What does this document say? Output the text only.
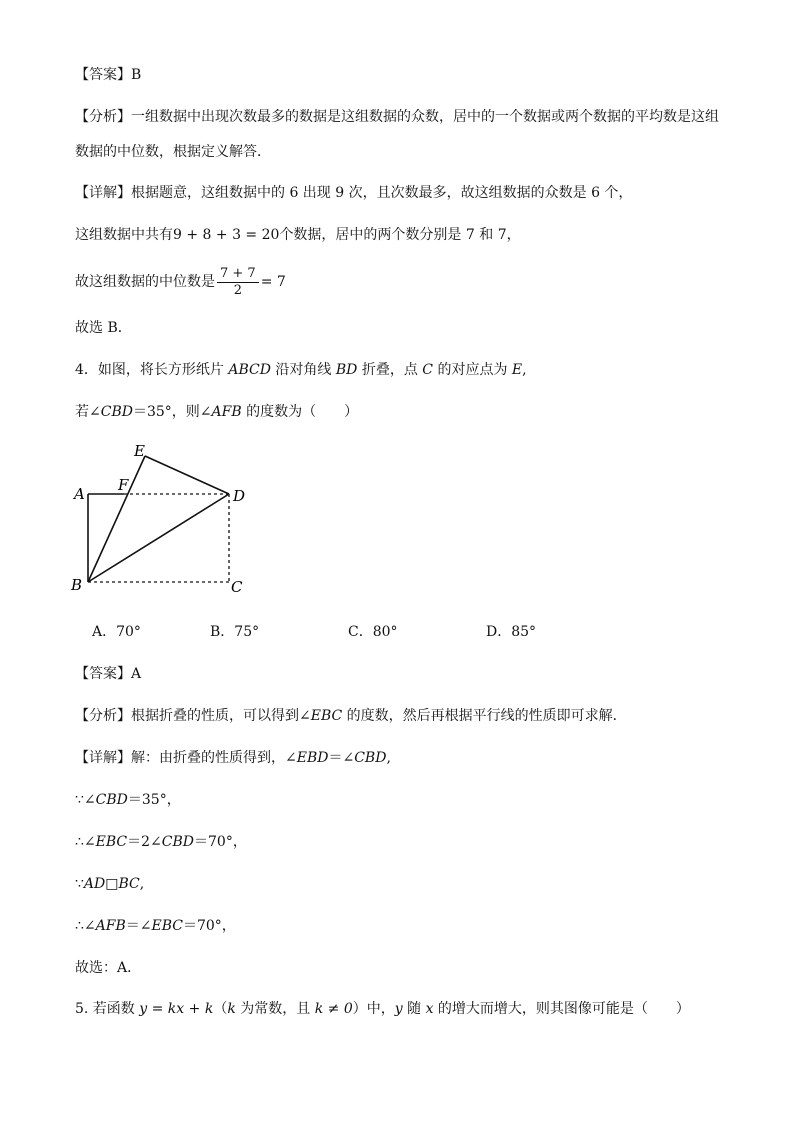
【答案】B
【分析】一组数据中出现次数最多的数据是这组数据的众数，居中的一个数据或两个数据的平均数是这组
数据的中位数，根据定义解答．
【详解】根据题意，这组数据中的 6 出现 9 次，且次数最多，故这组数据的众数是 6 个，
这组数据中共有9 + 8 + 3 = 20个数据，居中的两个数分别是 7 和 7，
故这组数据的中位数是 $\frac{7 + 7}{2} = 7$
故选 B．
4．如图，将长方形纸片 ABCD 沿对角线 BD 折叠，点 C 的对应点为 E,
若∠CBD＝35°，则∠AFB 的度数为（　　）
E
F
A	D
B	C
A．70°	B．75°	C．80°	D．85°
【答案】A
【分析】根据折叠的性质，可以得到∠EBC 的度数，然后再根据平行线的性质即可求解．
【详解】解：由折叠的性质得到，∠EBD＝∠CBD,
∵∠CBD＝35°，
∴∠EBC＝2∠CBD＝70°，
∵AD□BC,
∴∠AFB＝∠EBC＝70°，
故选：A．
5. 若函数 y = kx + k（k 为常数，且 k ≠ 0）中，y 随 x 的增大而增大，则其图像可能是（　　）
